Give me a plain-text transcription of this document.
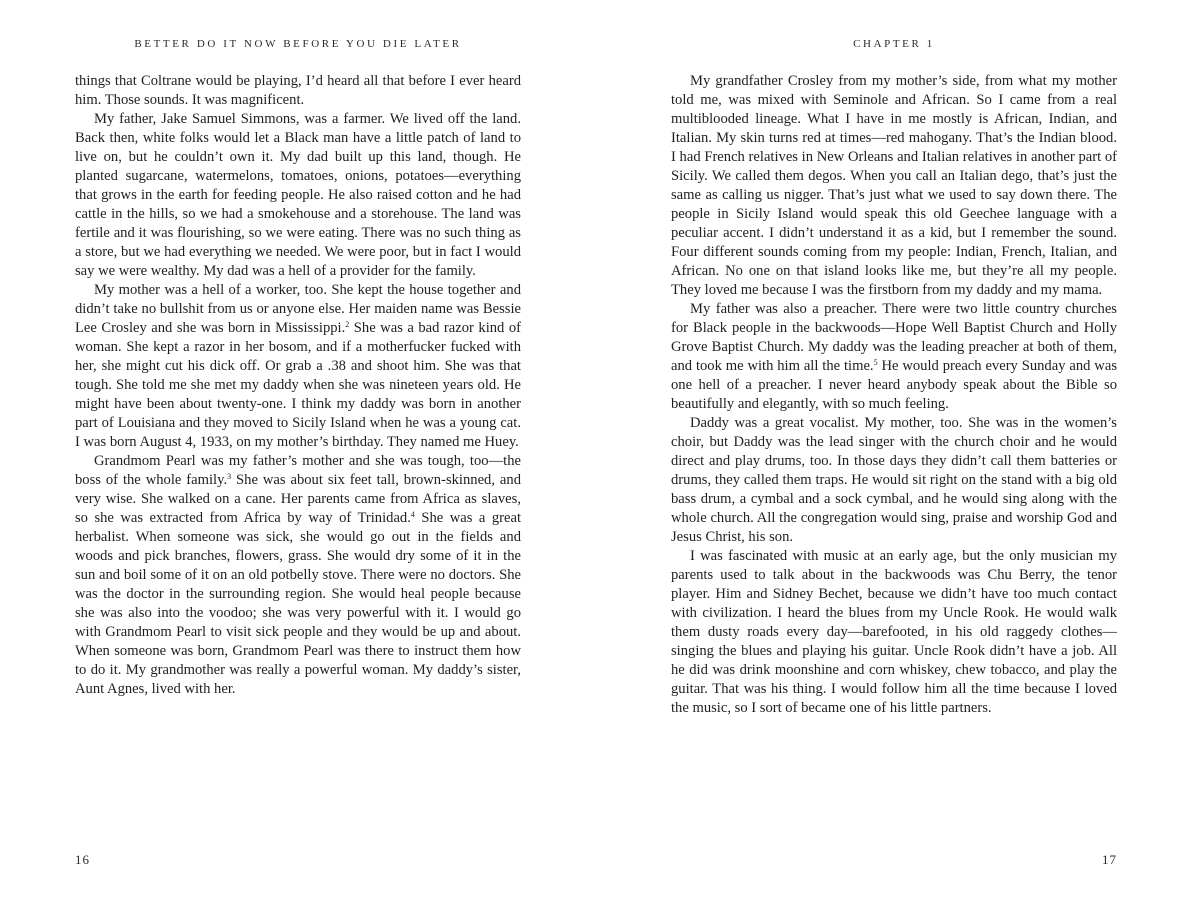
BETTER DO IT NOW BEFORE YOU DIE LATER

things that Coltrane would be playing, I’d heard all that before I ever heard him. Those sounds. It was magnificent.

My father, Jake Samuel Simmons, was a farmer. We lived off the land. Back then, white folks would let a Black man have a little patch of land to live on, but he couldn’t own it. My dad built up this land, though. He planted sugarcane, watermelons, tomatoes, onions, potatoes—everything that grows in the earth for feeding people. He also raised cotton and he had cattle in the hills, so we had a smokehouse and a storehouse. The land was fertile and it was flourishing, so we were eating. There was no such thing as a store, but we had everything we needed. We were poor, but in fact I would say we were wealthy. My dad was a hell of a provider for the family.

My mother was a hell of a worker, too. She kept the house together and didn’t take no bullshit from us or anyone else. Her maiden name was Bessie Lee Crosley and she was born in Mississippi.$^2$ She was a bad razor kind of woman. She kept a razor in her bosom, and if a motherfucker fucked with her, she might cut his dick off. Or grab a .38 and shoot him. She was that tough. She told me she met my daddy when she was nineteen years old. He might have been about twenty-one. I think my daddy was born in another part of Louisiana and they moved to Sicily Island when he was a young cat. I was born August 4, 1933, on my mother’s birthday. They named me Huey.

Grandmom Pearl was my father’s mother and she was tough, too—the boss of the whole family.$^3$ She was about six feet tall, brown-skinned, and very wise. She walked on a cane. Her parents came from Africa as slaves, so she was extracted from Africa by way of Trinidad.$^4$ She was a great herbalist. When someone was sick, she would go out in the fields and woods and pick branches, flowers, grass. She would dry some of it in the sun and boil some of it on an old potbelly stove. There were no doctors. She was the doctor in the surrounding region. She would heal people because she was also into the voodoo; she was very powerful with it. I would go with Grandmom Pearl to visit sick people and they would be up and about. When someone was born, Grandmom Pearl was there to instruct them how to do it. My grandmother was really a powerful woman. My daddy’s sister, Aunt Agnes, lived with her.

16
CHAPTER 1

My grandfather Crosley from my mother’s side, from what my mother told me, was mixed with Seminole and African. So I came from a real multiblooded lineage. What I have in me mostly is African, Indian, and Italian. My skin turns red at times—red mahogany. That’s the Indian blood. I had French relatives in New Orleans and Italian relatives in another part of Sicily. We called them degos. When you call an Italian dego, that’s just the same as calling us nigger. That’s just what we used to say down there. The people in Sicily Island would speak this old Geechee language with a peculiar accent. I didn’t understand it as a kid, but I remember the sound. Four different sounds coming from my people: Indian, French, Italian, and African. No one on that island looks like me, but they’re all my people. They loved me because I was the firstborn from my daddy and my mama.

My father was also a preacher. There were two little country churches for Black people in the backwoods—Hope Well Baptist Church and Holly Grove Baptist Church. My daddy was the leading preacher at both of them, and took me with him all the time.$^5$ He would preach every Sunday and was one hell of a preacher. I never heard anybody speak about the Bible so beautifully and elegantly, with so much feeling.

Daddy was a great vocalist. My mother, too. She was in the women’s choir, but Daddy was the lead singer with the church choir and he would direct and play drums, too. In those days they didn’t call them batteries or drums, they called them traps. He would sit right on the stand with a big old bass drum, a cymbal and a sock cymbal, and he would sing along with the whole church. All the congregation would sing, praise and worship God and Jesus Christ, his son.

I was fascinated with music at an early age, but the only musician my parents used to talk about in the backwoods was Chu Berry, the tenor player. Him and Sidney Bechet, because we didn’t have too much contact with civilization. I heard the blues from my Uncle Rook. He would walk them dusty roads every day—barefooted, in his old raggedy clothes—singing the blues and playing his guitar. Uncle Rook didn’t have a job. All he did was drink moonshine and corn whiskey, chew tobacco, and play the guitar. That was his thing. I would follow him all the time because I loved the music, so I sort of became one of his little partners.

17
